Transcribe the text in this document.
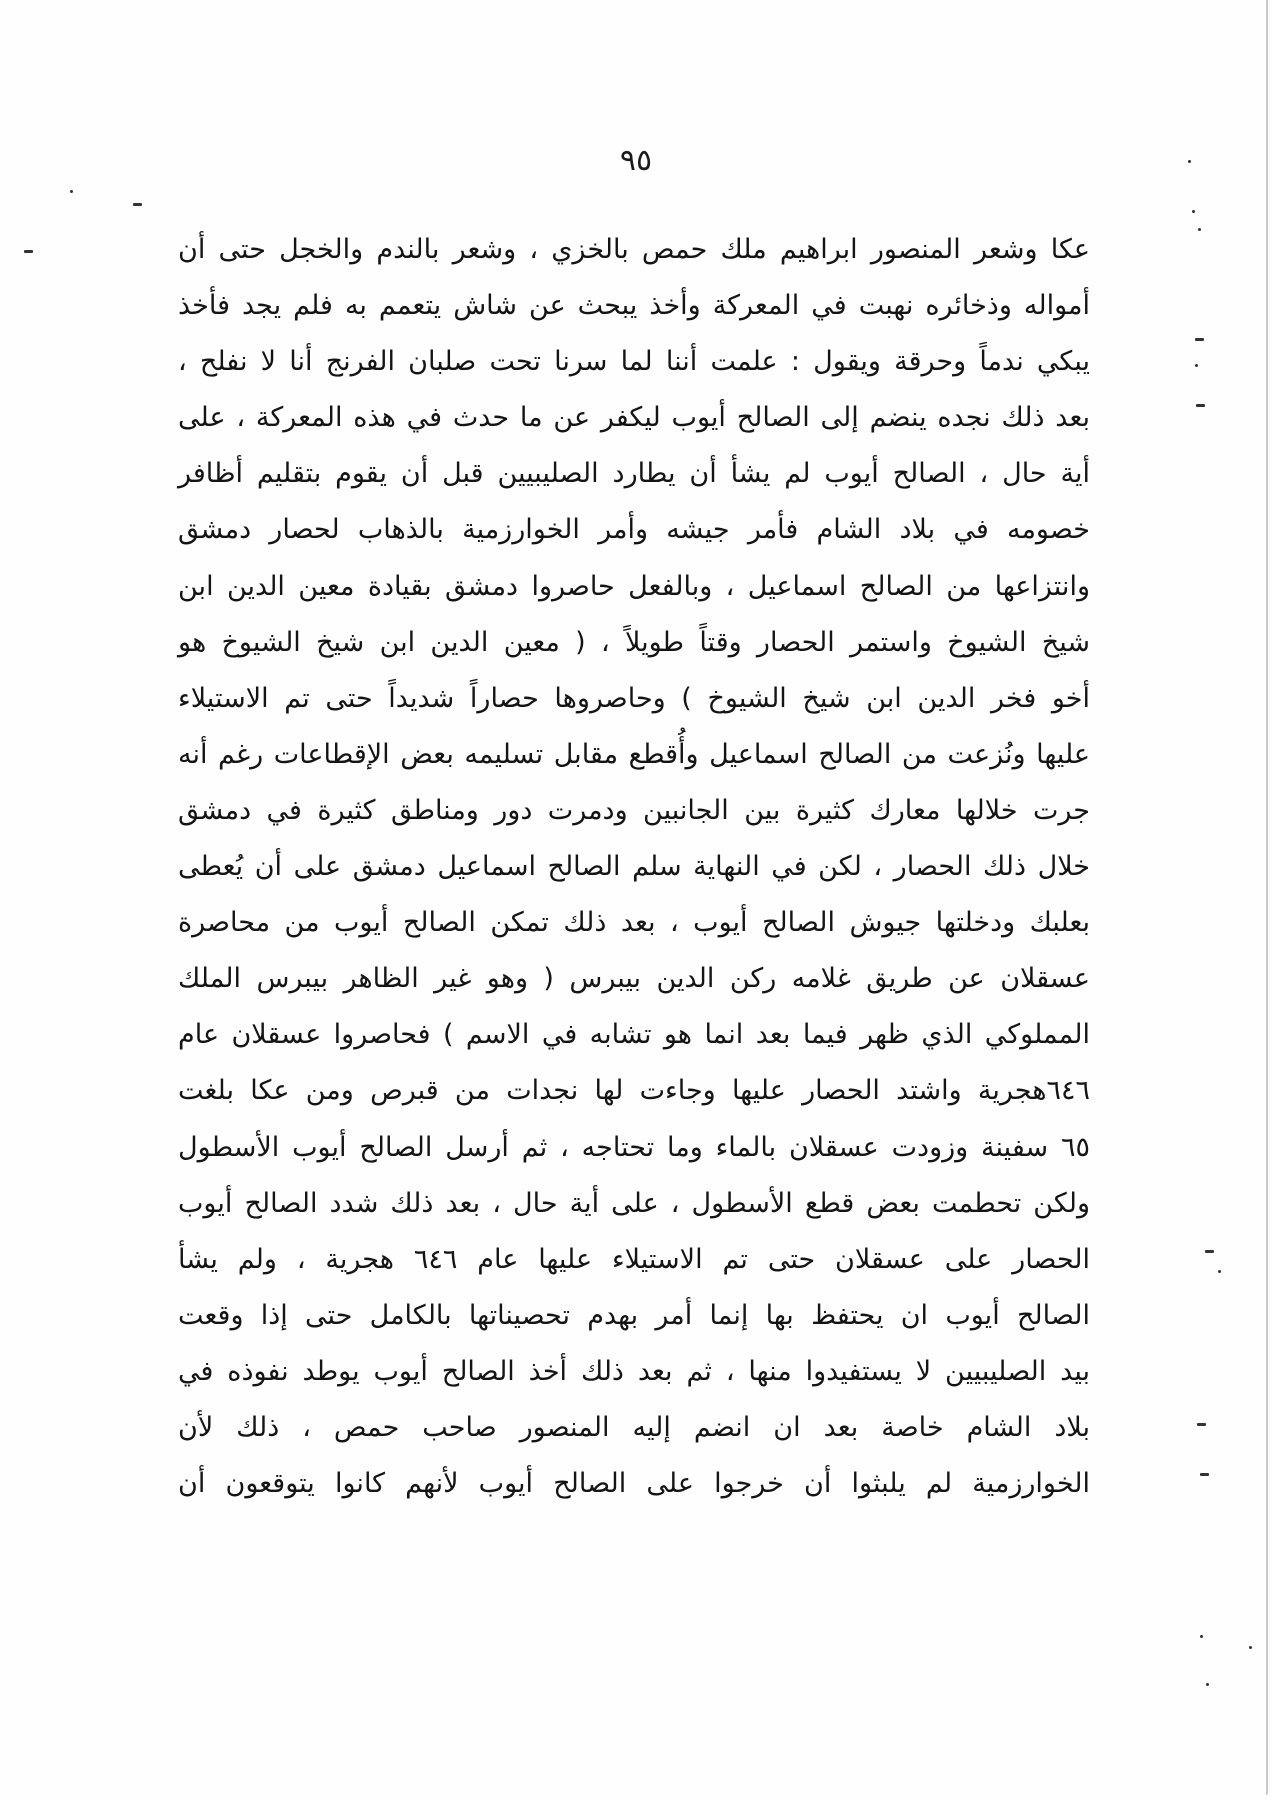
٩٥
عكا وشعر المنصور ابراهيم ملك حمص بالخزي ، وشعر بالندم والخجل حتى أن
أمواله وذخائره نهبت في المعركة وأخذ يبحث عن شاش يتعمم به فلم يجد فأخذ
يبكي ندماً وحرقة ويقول : علمت أننا لما سرنا تحت صلبان الفرنج أنا لا نفلح ،
بعد ذلك نجده ينضم إلى الصالح أيوب ليكفر عن ما حدث في هذه المعركة ، على
أية حال ، الصالح أيوب لم يشأ أن يطارد الصليبيين قبل أن يقوم بتقليم أظافر
خصومه في بلاد الشام فأمر جيشه وأمر الخوارزمية بالذهاب لحصار دمشق
وانتزاعها من الصالح اسماعيل ، وبالفعل حاصروا دمشق بقيادة معين الدين ابن
شيخ الشيوخ واستمر الحصار وقتاً طويلاً ، ( معين الدين ابن شيخ الشيوخ هو
أخو فخر الدين ابن شيخ الشيوخ ) وحاصروها حصاراً شديداً حتى تم الاستيلاء
عليها ونُزعت من الصالح اسماعيل وأُقطع مقابل تسليمه بعض الإقطاعات رغم أنه
جرت خلالها معارك كثيرة بين الجانبين ودمرت دور ومناطق كثيرة في دمشق
خلال ذلك الحصار ، لكن في النهاية سلم الصالح اسماعيل دمشق على أن يُعطى
بعلبك ودخلتها جيوش الصالح أيوب ، بعد ذلك تمكن الصالح أيوب من محاصرة
عسقلان عن طريق غلامه ركن الدين بيبرس ( وهو غير الظاهر بيبرس الملك
المملوكي الذي ظهر فيما بعد انما هو تشابه في الاسم ) فحاصروا عسقلان عام
٦٤٦هجرية واشتد الحصار عليها وجاءت لها نجدات من قبرص ومن عكا بلغت
٦٥ سفينة وزودت عسقلان بالماء وما تحتاجه ، ثم أرسل الصالح أيوب الأسطول
ولكن تحطمت بعض قطع الأسطول ، على أية حال ، بعد ذلك شدد الصالح أيوب
الحصار على عسقلان حتى تم الاستيلاء عليها عام ٦٤٦ هجرية ، ولم يشأ
الصالح أيوب ان يحتفظ بها إنما أمر بهدم تحصيناتها بالكامل حتى إذا وقعت
بيد الصليبيين لا يستفيدوا منها ، ثم بعد ذلك أخذ الصالح أيوب يوطد نفوذه في
بلاد الشام خاصة بعد ان انضم إليه المنصور صاحب حمص ، ذلك لأن
الخوارزمية لم يلبثوا أن خرجوا على الصالح أيوب لأنهم كانوا يتوقعون أن
